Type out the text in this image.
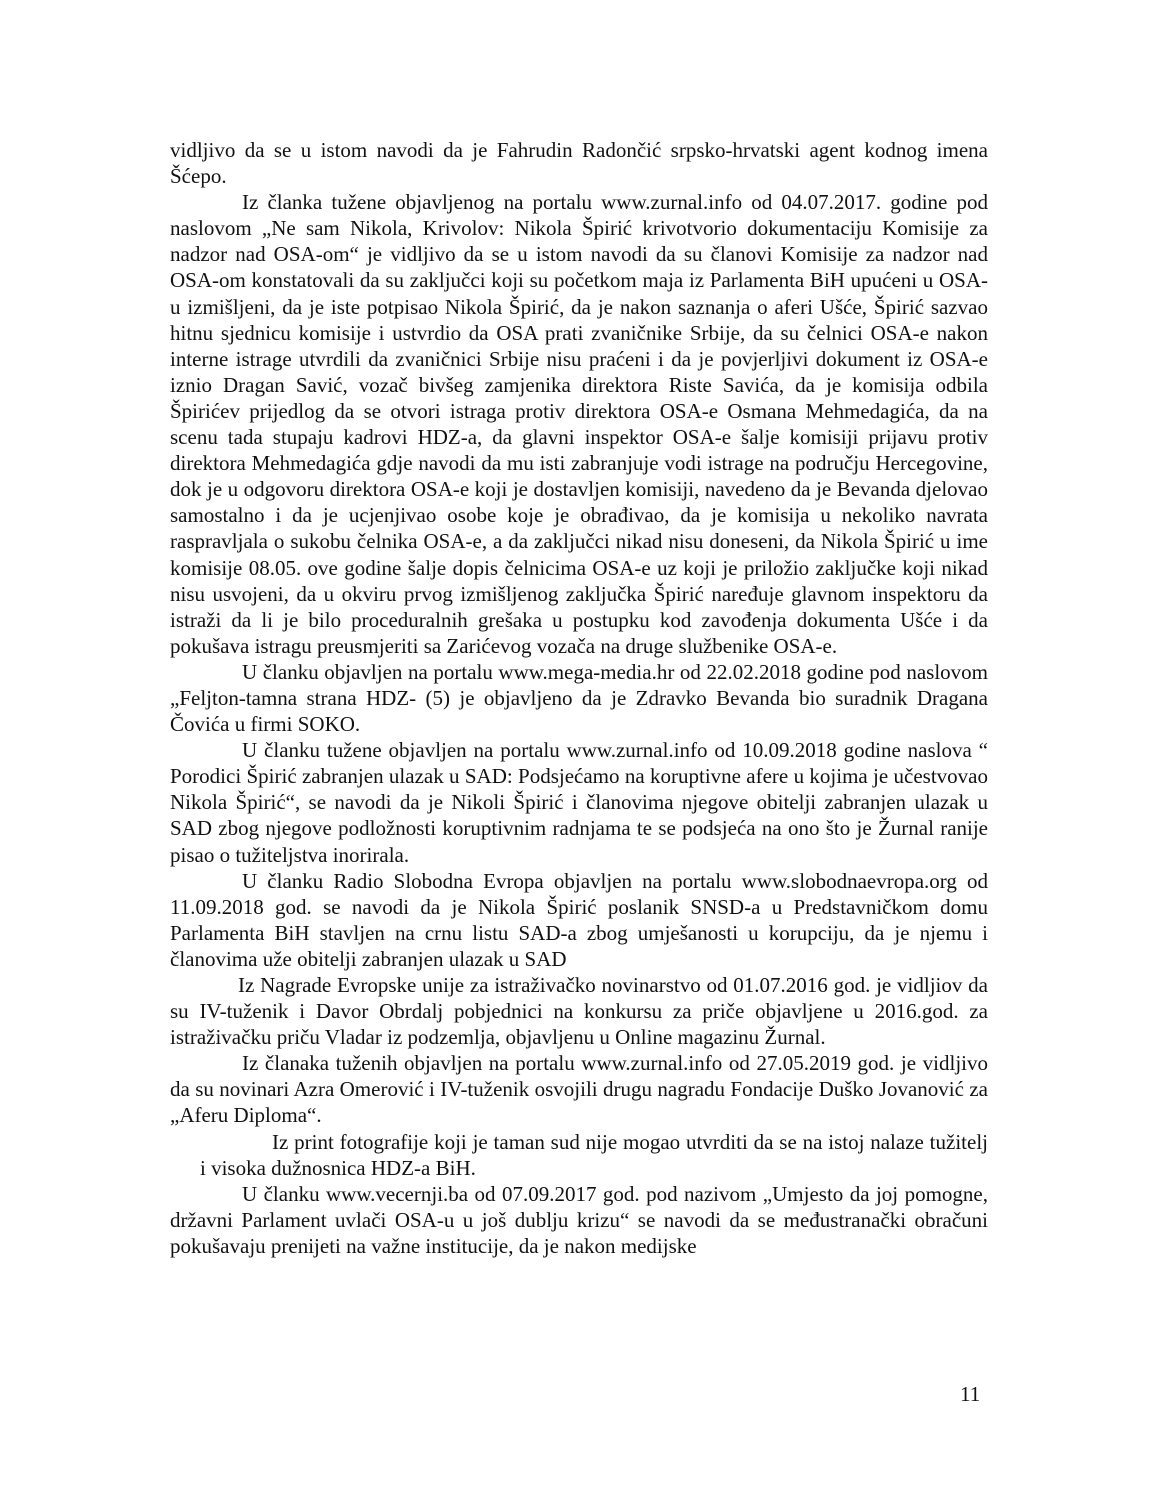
vidljivo da se u istom navodi da je Fahrudin Radončić srpsko-hrvatski agent kodnog imena Šćepo.

Iz članka tužene objavljenog na portalu www.zurnal.info od 04.07.2017. godine pod naslovom „Ne sam Nikola, Krivolov: Nikola Špirić krivotvorio dokumentaciju Komisije za nadzor nad OSA-om“ je vidljivo da se u istom navodi da su članovi Komisije za nadzor nad OSA-om konstatovali da su zaključci koji su početkom maja iz Parlamenta BiH upućeni u OSA-u izmišljeni, da je iste potpisao Nikola Špirić, da je nakon saznanja o aferi Ušće, Špirić sazvao hitnu sjednicu komisije i ustvrdio da OSA prati zvaničnike Srbije, da su čelnici OSA-e nakon interne istrage utvrdili da zvaničnici Srbije nisu praćeni i da je povjerljivi dokument iz OSA-e iznio Dragan Savić, vozač bivšeg zamjenika direktora Riste Savića, da je komisija odbila Špirićev prijedlog da se otvori istraga protiv direktora OSA-e Osmana Mehmedagića, da na scenu tada stupaju kadrovi HDZ-a, da glavni inspektor OSA-e šalje komisiji prijavu protiv direktora Mehmedagića gdje navodi da mu isti zabranjuje vodi istrage na području Hercegovine, dok je u odgovoru direktora OSA-e koji je dostavljen komisiji, navedeno da je Bevanda djelovao samostalno i da je ucjenjivao osobe koje je obrađivao, da je komisija u nekoliko navrata raspravljala o sukobu čelnika OSA-e, a da zaključci nikad nisu doneseni, da Nikola Špirić u ime komisije 08.05. ove godine šalje dopis čelnicima OSA-e uz koji je priložio zaključke koji nikad nisu usvojeni, da u okviru prvog izmišljenog zaključka Špirić naređuje glavnom inspektoru da istraži da li je bilo proceduralnih grešaka u postupku kod zavođenja dokumenta Ušće i da pokušava istragu preusmjeriti sa Zarićevog vozača na druge službenike OSA-e.

U članku objavljen na portalu www.mega-media.hr od 22.02.2018 godine pod naslovom „Feljton-tamna strana HDZ- (5) je objavljeno da je Zdravko Bevanda bio suradnik Dragana Čovića u firmi SOKO.

U članku tužene objavljen na portalu www.zurnal.info od 10.09.2018 godine naslova “ Porodici Špirić zabranjen ulazak u SAD: Podsjećamo na koruptivne afere u kojima je učestvovao Nikola Špirić“, se navodi da je Nikoli Špirić i članovima njegove obitelji zabranjen ulazak u SAD zbog njegove podložnosti koruptivnim radnjama te se podsjeća na ono što je Žurnal ranije pisao o tužiteljstva inorirala.

U članku Radio Slobodna Evropa objavljen na portalu www.slobodnaevropa.org od 11.09.2018 god. se navodi da je Nikola Špirić poslanik SNSD-a u Predstavničkom domu Parlamenta BiH stavljen na crnu listu SAD-a zbog umješanosti u korupciju, da je njemu i članovima uže obitelji zabranjen ulazak u SAD

Iz Nagrade Evropske unije za istraživačko novinarstvo od 01.07.2016 god. je vidljiov da su IV-tuženik i Davor Obrdalj pobjednici na konkursu za priče objavljene u 2016.god. za istraživačku priču Vladar iz podzemlja, objavljenu u Online magazinu Žurnal.

Iz članaka tuženih objavljen na portalu www.zurnal.info od 27.05.2019 god. je vidljivo da su novinari Azra Omerović i IV-tuženik osvojili drugu nagradu Fondacije Duško Jovanović za „Aferu Diploma“.

Iz print fotografije koji je taman sud nije mogao utvrditi da se na istoj nalaze tužitelj i visoka dužnosnica HDZ-a BiH.

U članku www.vecernji.ba od 07.09.2017 god. pod nazivom „Umjesto da joj pomogne, državni Parlament uvlači OSA-u u još dublju krizu“ se navodi da se međustranački obračuni pokušavaju prenijeti na važne institucije, da je nakon medijske

11
